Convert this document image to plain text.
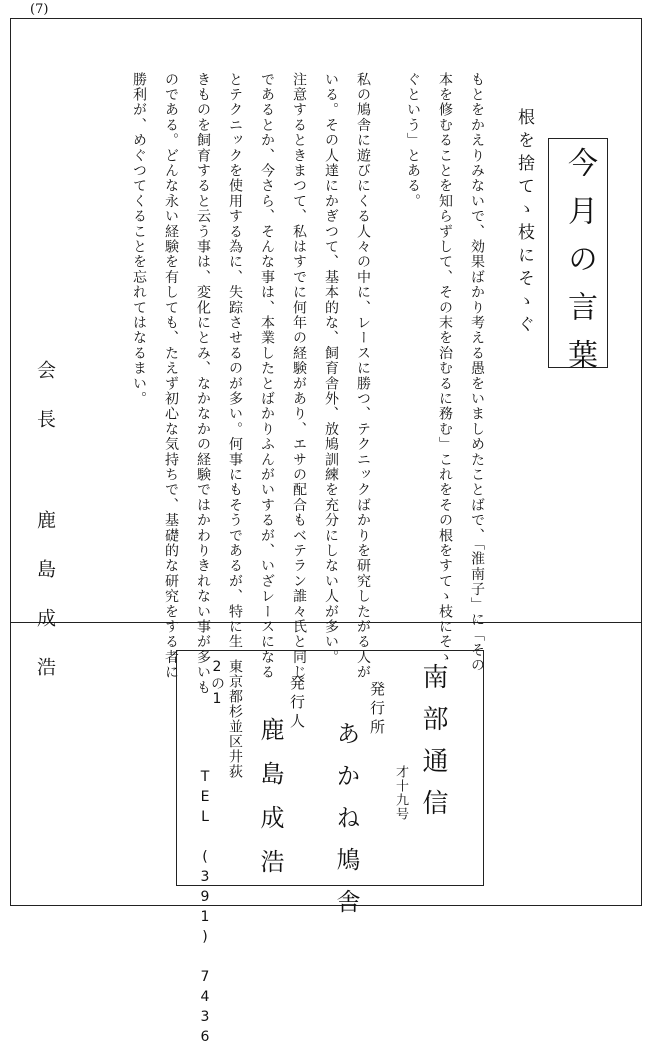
(7)
今月の言葉
根を捨てゝ枝にそゝぐ
もとをかえりみないで、効果ばかり考える愚をいましめたことばで、「淮南子」に「その
本を修むることを知らずして、その末を治むるに務む」これをその根をすてゝ枝にそゝ
ぐという」とある。
私の鳩舎に遊びにくる人々の中に、レースに勝つ、テクニックばかりを研究したがる人が
いる。その人達にかぎつて、基本的な、飼育舎外、放鳩訓練を充分にしない人が多い。
注意するときまつて、私はすでに何年の経験があり、エサの配合もベテラン誰々氏と同じ
であるとか、今さら、そんな事は、本業したとばかりふんがいするが、いざレースになる
とテクニックを使用する為に、失踪させるのが多い。何事にもそうであるが、特に生
きものを飼育すると云う事は、変化にとみ、なかなかの経験ではかわりきれない事が多いも
のである。どんな永い経験を有しても、たえず初心な気持ちで、基礎的な研究をする者に
勝利が、めぐつてくることを忘れてはなるまい。
会長 鹿島成浩
南部通信
才十九号
発行所
あかね鳩舎
発行人
鹿島成浩
東京都杉並区井荻
2の1
TEL (391) 7436
